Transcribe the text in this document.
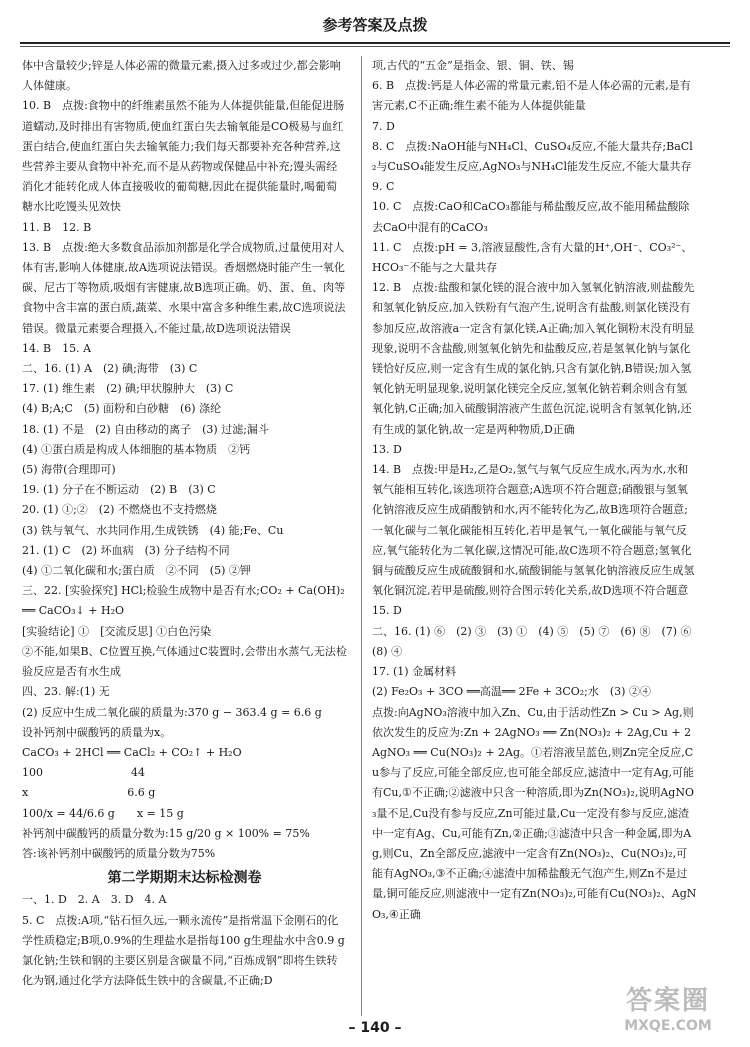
参考答案及点拨

体中含量较少;锌是人体必需的微量元素,摄入过多或过少,都会影响人体健康。

10. B　点拨:食物中的纤维素虽然不能为人体提供能量,但能促进肠道蠕动,及时排出有害物质,使血红蛋白失去输氧能是CO极易与血红蛋白结合,使血红蛋白失去输氧能力;我们每天都要补充各种营养,这些营养主要从食物中补充,而不是从药物或保健品中补充;馒头需经消化才能转化成人体直接吸收的葡萄糖,因此在提供能量时,喝葡萄糖水比吃馒头见效快

11. B　12. B

13. B　点拨:绝大多数食品添加剂都是化学合成物质,过量使用对人体有害,影响人体健康,故A选项说法错误。香烟燃烧时能产生一氧化碳、尼古丁等物质,吸烟有害健康,故B选项正确。奶、蛋、鱼、肉等食物中含丰富的蛋白质,蔬菜、水果中富含多种维生素,故C选项说法错误。微量元素要合理摄入,不能过量,故D选项说法错误

14. B　15. A

二、16. (1) A　(2) 碘;海带　(3) C

17. (1) 维生素　(2) 碘;甲状腺肿大　(3) C

(4) B;A;C　(5) 面粉和白砂糖　(6) 涤纶

18. (1) 不是　(2) 自由移动的离子　(3) 过滤;漏斗

(4) ①蛋白质是构成人体细胞的基本物质　②钙

(5) 海带(合理即可)

19. (1) 分子在不断运动　(2) B　(3) C

20. (1) ①;②　(2) 不燃烧也不支持燃烧

(3) 铁与氧气、水共同作用,生成铁锈　(4) 能;Fe、Cu

21. (1) C　(2) 坏血病　(3) 分子结构不同

(4) ①二氧化碳和水;蛋白质　②不同　(5) ②钾

三、22. [实验探究] HCl;检验生成物中是否有水;CO₂ + Ca(OH)₂ ══ CaCO₃↓ + H₂O

[实验结论] ①　[交流反思] ①白色污染

②不能,如果B、C位置互换,气体通过C装置时,会带出水蒸气,无法检验反应是否有水生成

四、23. 解:(1) 无

(2) 反应中生成二氧化碳的质量为:370 g − 363.4 g = 6.6 g

设补钙剂中碳酸钙的质量为x。

CaCO₃ + 2HCl ══ CaCl₂ + CO₂↑ + H₂O

100　　　　　　　　44

x　　　　　　　　　6.6 g

100/x = 44/6.6 g　　x = 15 g

补钙剂中碳酸钙的质量分数为:15 g/20 g × 100% = 75%

答:该补钙剂中碳酸钙的质量分数为75%

第二学期期末达标检测卷

一、1. D　2. A　3. D　4. A

5. C　点拨:A项,“钻石恒久远,一颗永流传”是指常温下金刚石的化学性质稳定;B项,0.9%的生理盐水是指每100 g生理盐水中含0.9 g氯化钠;生铁和钢的主要区别是含碳量不同,“百炼成钢”即将生铁转化为钢,通过化学方法降低生铁中的含碳量,不正确;D

项,古代的“五金”是指金、银、铜、铁、锡

6. B　点拨:钙是人体必需的常量元素,铅不是人体必需的元素,是有害元素,C不正确;维生素不能为人体提供能量

7. D

8. C　点拨:NaOH能与NH₄Cl、CuSO₄反应,不能大量共存;BaCl₂与CuSO₄能发生反应,AgNO₃与NH₄Cl能发生反应,不能大量共存

9. C

10. C　点拨:CaO和CaCO₃都能与稀盐酸反应,故不能用稀盐酸除去CaO中混有的CaCO₃

11. C　点拨:pH = 3,溶液显酸性,含有大量的H⁺,OH⁻、CO₃²⁻、HCO₃⁻不能与之大量共存

12. B　点拨:盐酸和氯化镁的混合液中加入氢氧化钠溶液,则盐酸先和氢氧化钠反应,加入铁粉有气泡产生,说明含有盐酸,则氯化镁没有参加反应,故溶液a一定含有氯化镁,A正确;加入氧化铜粉末没有明显现象,说明不含盐酸,则氢氧化钠先和盐酸反应,若是氢氧化钠与氯化镁恰好反应,则一定含有生成的氯化钠,只含有氯化钠,B错误;加入氢氧化钠无明显现象,说明氯化镁完全反应,氢氧化钠若剩余则含有氢氧化钠,C正确;加入硫酸铜溶液产生蓝色沉淀,说明含有氢氧化钠,还有生成的氯化钠,故一定是两种物质,D正确

13. D

14. B　点拨:甲是H₂,乙是O₂,氢气与氧气反应生成水,丙为水,水和氧气能相互转化,该选项符合题意;A选项不符合题意;硝酸银与氢氧化钠溶液反应生成硝酸钠和水,丙不能转化为乙,故B选项符合题意;一氧化碳与二氧化碳能相互转化,若甲是氧气,一氧化碳能与氧气反应,氧气能转化为二氧化碳,这情况可能,故C选项不符合题意;氢氧化铜与硫酸反应生成硫酸铜和水,硫酸铜能与氢氧化钠溶液反应生成氢氧化铜沉淀,若甲是硫酸,则符合图示转化关系,故D选项不符合题意

15. D

二、16. (1) ⑥　(2) ③　(3) ①　(4) ⑤　(5) ⑦　(6) ⑧　(7) ⑥　(8) ④

17. (1) 金属材料

(2) Fe₂O₃ + 3CO ══高温══ 2Fe + 3CO₂;水　(3) ②④

点拨:向AgNO₃溶液中加入Zn、Cu,由于活动性Zn > Cu > Ag,则依次发生的反应为:Zn + 2AgNO₃ ══ Zn(NO₃)₂ + 2Ag,Cu + 2AgNO₃ ══ Cu(NO₃)₂ + 2Ag。①若溶液呈蓝色,则Zn完全反应,Cu参与了反应,可能全部反应,也可能全部反应,滤渣中一定有Ag,可能有Cu,①不正确;②滤液中只含一种溶质,即为Zn(NO₃)₂,说明AgNO₃量不足,Cu没有参与反应,Zn可能过量,Cu一定没有参与反应,滤渣中一定有Ag、Cu,可能有Zn,②正确;③滤渣中只含一种金属,即为Ag,则Cu、Zn全部反应,滤液中一定含有Zn(NO₃)₂、Cu(NO₃)₂,可能有AgNO₃,③不正确;④滤渣中加稀盐酸无气泡产生,则Zn不是过量,铜可能反应,则滤液中一定有Zn(NO₃)₂,可能有Cu(NO₃)₂、AgNO₃,④正确

– 140 –
答案圈
MXQE.COM
